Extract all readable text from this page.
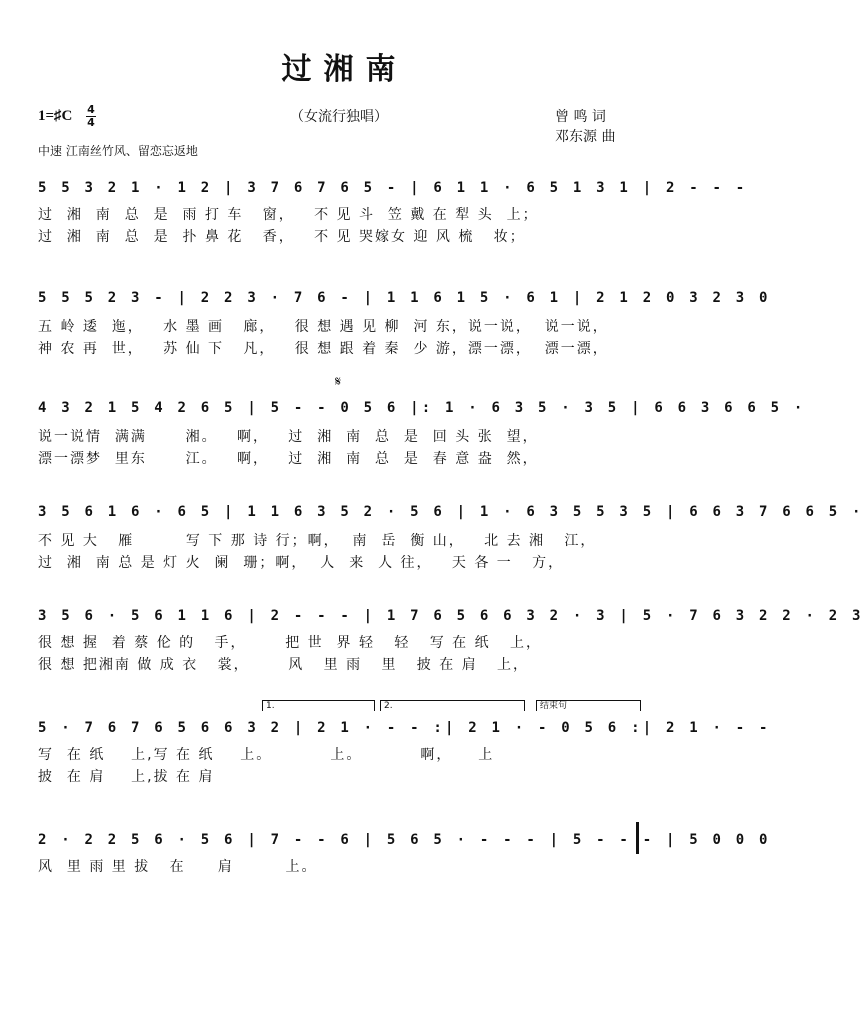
过湘南
1=♯C 4
4	（女流行独唱）	曾 鸣 词
邓东源 曲
中速 江南丝竹风、留恋忘返地
5 5 3 2 1 · 1 2 | 3 7 6 7 6 5 - | 6 1 1 · 6 5 1 3 1 | 2 - - -
过  湘  南  总  是  雨 打 车   窗，   不 见 斗  笠 戴 在 犁 头  上；
过  湘  南  总  是  扑 鼻 花   香，   不 见 哭嫁女 迎 风 梳   妆；
5 5 5 2 3 - | 2 2 3 · 7 6 - | 1 1 6 1 5 · 6 1 | 2 1 2 0 3 2 3 0
五 岭 逶  迤，   水 墨 画   廊，   很 想 遇 见 柳  河 东，说一说，  说一说，
神 农 再  世，   苏 仙 下   凡，   很 想 跟 着 秦  少 游，漂一漂，  漂一漂，
𝄋
4 3 2 1 5 4 2 6 5 | 5 - - 0 5 6 |: 1 · 6 3 5 · 3 5 | 6 6 3 6 6 5 ·
说一说情  满满      湘。   啊，   过  湘  南  总  是  回 头 张  望，
漂一漂梦  里东      江。   啊，   过  湘  南  总  是  春 意 盎  然，
3 5 6 1 6 · 6 5 | 1 1 6 3 5 2 · 5 6 | 1 · 6 3 5 5 3 5 | 6 6 3 7 6 6 5 ·
不 见 大   雁        写 下 那 诗 行；啊，  南  岳  衡 山，   北 去 湘   江，
过  湘  南 总 是 灯 火  阑  珊；啊，  人  来  人 往，   天 各 一   方，
3 5 6 · 5 6 1 1 6 | 2 - - - | 1 7 6 5 6 6 3 2 · 3 | 5 · 7 6 3 2 2 · 2 3
很 想 握  着 蔡 伦 的   手，      把 世  界 轻   轻   写 在 纸   上，
很 想 把湘南 做 成 衣   裳，      风   里 雨   里   披 在 肩   上，
1.	2.	结束句
5 · 7 6 7 6 5 6 6 3 2 | 2 1 · - - :| 2 1 · - 0 5 6 :| 2 1 · - -
写  在 纸    上,写 在 纸    上。         上。         啊，    上
披  在 肩    上,拔 在 肩
2 · 2 2 5 6 · 5 6 | 7 - - 6 | 5 6 5 · - - - | 5 - - - | 5 0 0 0
风  里 雨 里 拔   在     肩        上。
